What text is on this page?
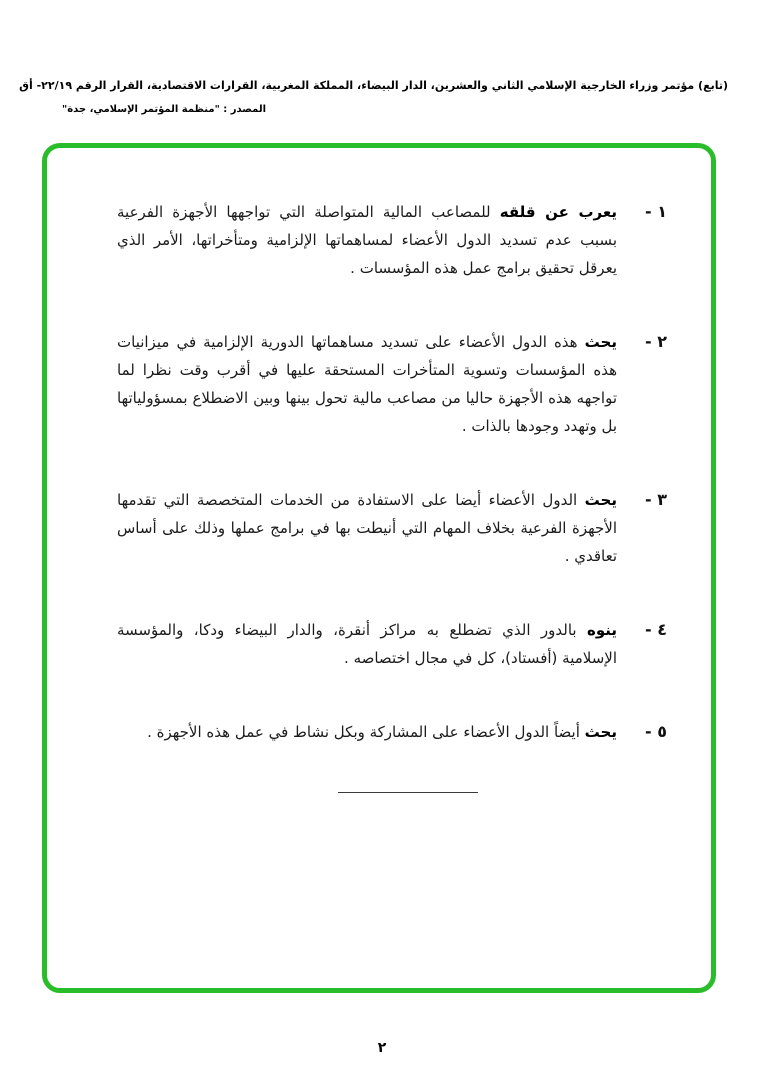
(تابع) مؤتمر وزراء الخارجية الإسلامي الثاني والعشرين، الدار البيضاء، المملكة المغربية، القرارات الاقتصادية، القرار الرقم ٢٢/١٩- أق
المصدر : "منظمة المؤتمر الإسلامي، جدة"
١ -

يعرب عن قلقه للمصاعب المالية المتواصلة التي تواجهها الأجهزة الفرعية بسبب عدم تسديد الدول الأعضاء لمساهماتها الإلزامية ومتأخراتها، الأمر الذي يعرقل تحقيق برامج عمل هذه المؤسسات .

٢ -

يحث هذه الدول الأعضاء على تسديد مساهماتها الدورية الإلزامية في ميزانيات هذه المؤسسات وتسوية المتأخرات المستحقة عليها في أقرب وقت نظرا لما تواجهه هذه الأجهزة حاليا من مصاعب مالية تحول بينها وبين الاضطلاع بمسؤولياتها بل وتهدد وجودها بالذات .

٣ -

يحث الدول الأعضاء أيضا على الاستفادة من الخدمات المتخصصة التي تقدمها الأجهزة الفرعية بخلاف المهام التي أنيطت بها في برامج عملها وذلك على أساس تعاقدي .

٤ -

ينوه بالدور الذي تضطلع به مراكز أنقرة، والدار البيضاء ودكا، والمؤسسة الإسلامية (أفستاد)، كل في مجال اختصاصه .

٥ -

يحث أيضاً الدول الأعضاء على المشاركة وبكل نشاط في عمل هذه الأجهزة .

٢
